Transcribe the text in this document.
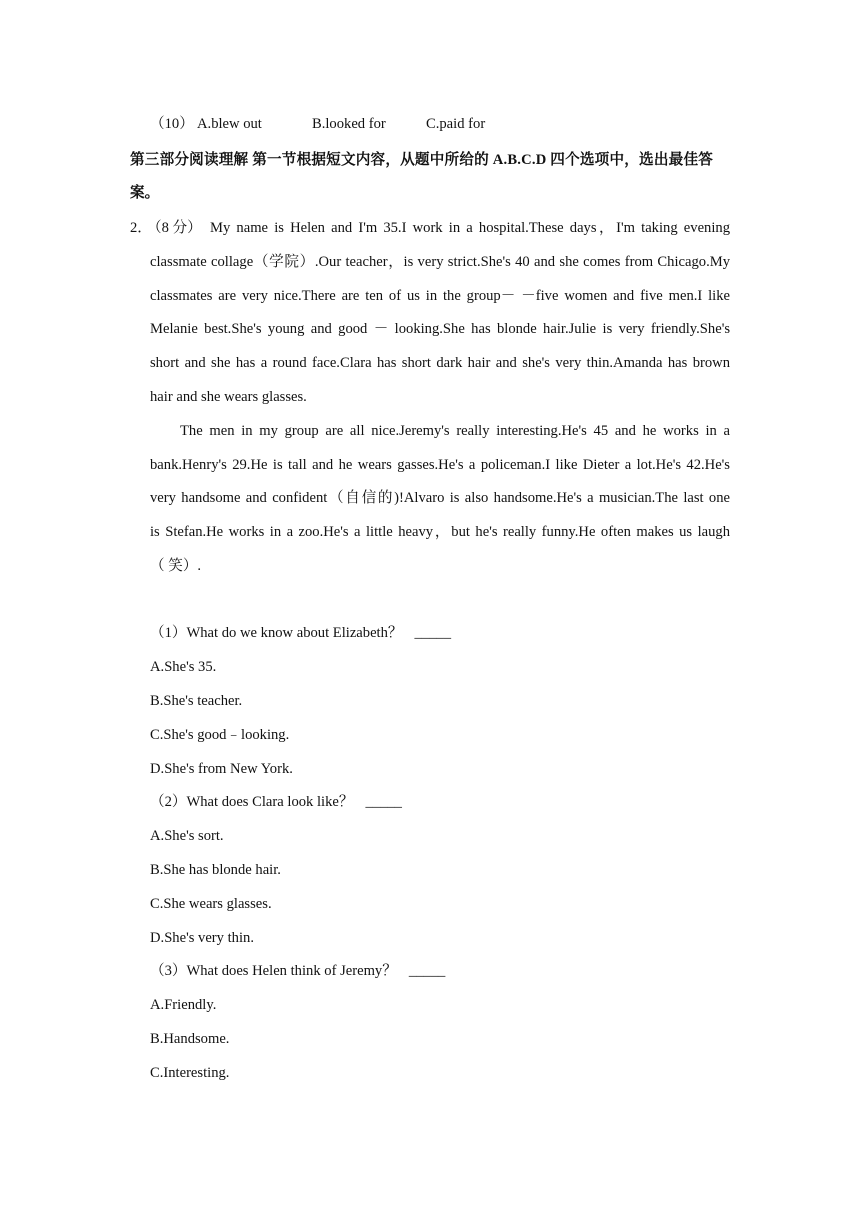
（10） A.blew out	B.looked for	C.paid for
第三部分阅读理解 第一节根据短文内容，从题中所给的 A.B.C.D 四个选项中，选出最佳答
案。
2．
（8 分） My name is Helen and I'm 35.I work in a hospital.These days，I'm taking evening
classmate collage（学院）.Our teacher，is very strict.She's 40 and she comes from Chicago.My
classmates are very nice.There are ten of us in the group－ －five women and five men.I like
Melanie best.She's young and good － looking.She has blonde hair.Julie is very friendly.She's
short and she has a round face.Clara has short dark hair and she's very thin.Amanda has brown
hair and she wears glasses.
The men in my group are all nice.Jeremy's really interesting.He's 45 and he works in a
bank.Henry's 29.He is tall and he wears gasses.He's a policeman.I like Dieter a lot.He's 42.He's
very handsome and confident（自信的)!Alvaro is also handsome.He's a musician.The last one
is Stefan.He works in a zoo.He's a little heavy，but he's really funny.He often makes us laugh
（ 笑）.
（1）What do we know about Elizabeth？ _____
A.She's 35.
B.She's teacher.
C.She's good﹣looking.
D.She's from New York.
（2）What does Clara look like？ _____
A.She's sort.
B.She has blonde hair.
C.She wears glasses.
D.She's very thin.
（3）What does Helen think of Jeremy？ _____
A.Friendly.
B.Handsome.
C.Interesting.
